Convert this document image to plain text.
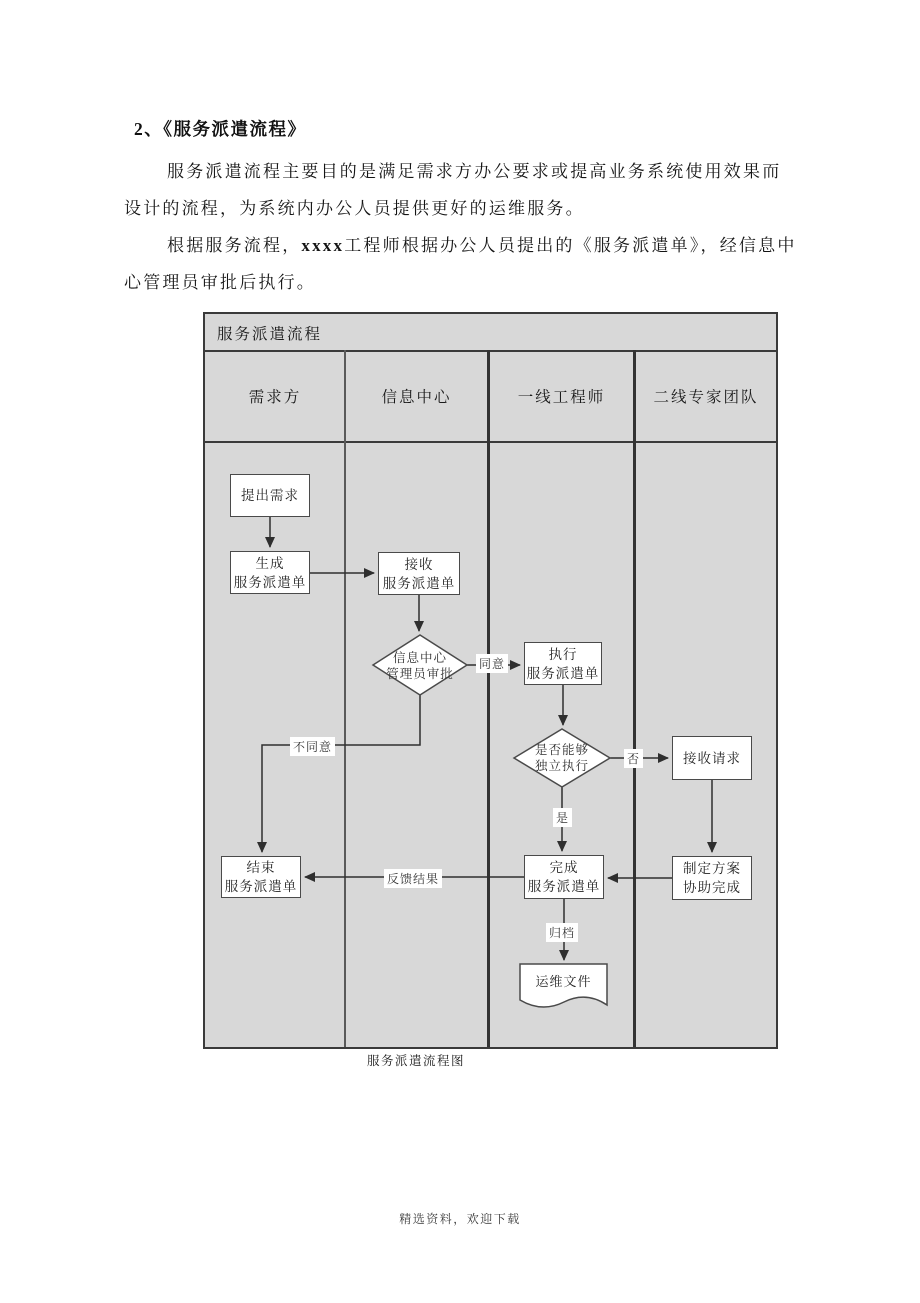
2、《服务派遣流程》
服务派遣流程主要目的是满足需求方办公要求或提高业务系统使用效果而
设计的流程，为系统内办公人员提供更好的运维服务。
根据服务流程，xxxx工程师根据办公人员提出的《服务派遣单》，经信息中
心管理员审批后执行。
服务派遣流程
需求方	信息中心	一线工程师	二线专家团队
提出需求
生成
服务派遣单
接收
服务派遣单
信息中心
管理员审批
执行
服务派遣单
是否能够
独立执行
接收请求
结束
服务派遣单
完成
服务派遣单
制定方案
协助完成
运维文件
同意
不同意
否
是
反馈结果
归档
服务派遣流程图
精选资料，欢迎下载
